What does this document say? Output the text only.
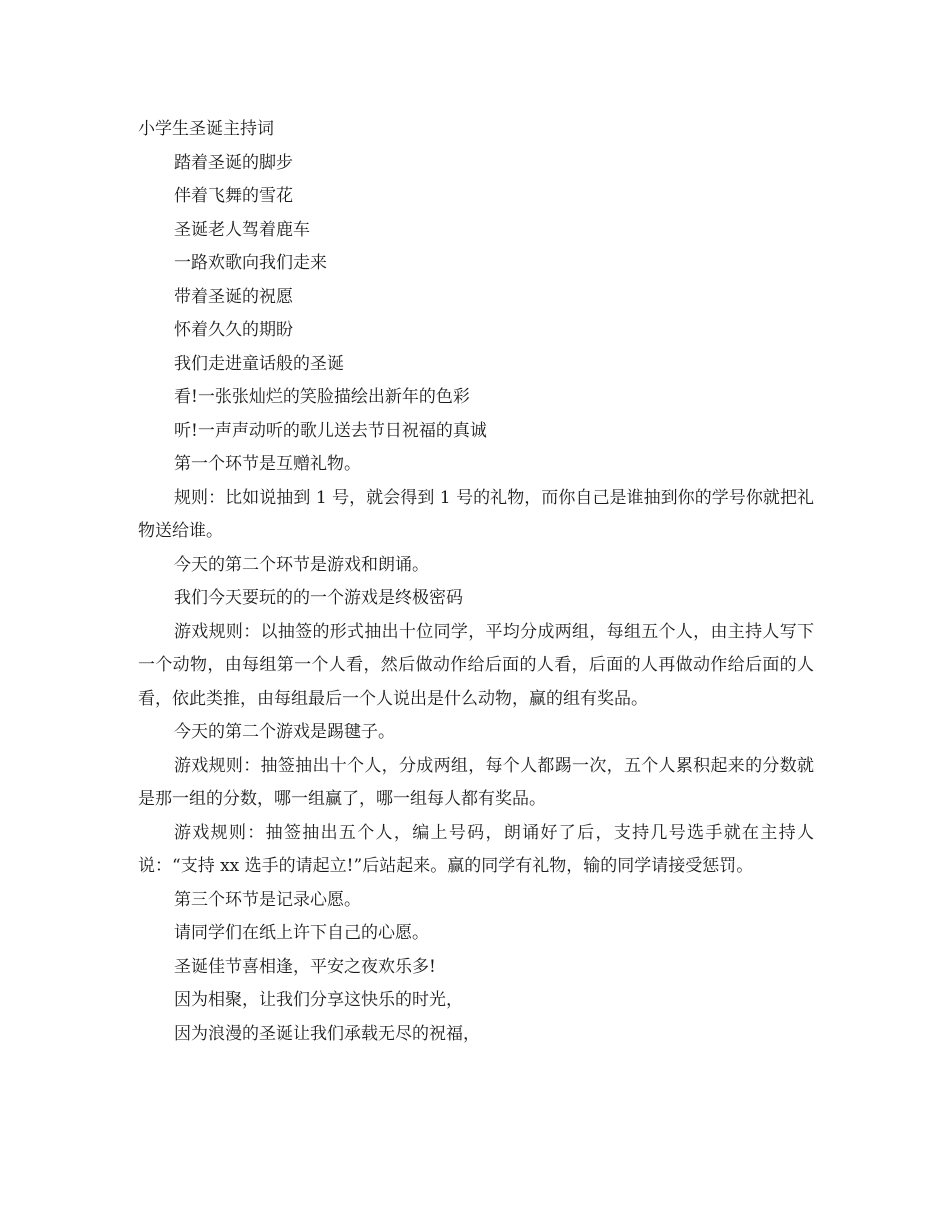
小学生圣诞主持词

踏着圣诞的脚步

伴着飞舞的雪花

圣诞老人驾着鹿车

一路欢歌向我们走来

带着圣诞的祝愿

怀着久久的期盼

我们走进童话般的圣诞

看!一张张灿烂的笑脸描绘出新年的色彩

听!一声声动听的歌儿送去节日祝福的真诚

第一个环节是互赠礼物。

规则：比如说抽到 1 号，就会得到 1 号的礼物，而你自己是谁抽到你的学号你就把礼物送给谁。

今天的第二个环节是游戏和朗诵。

我们今天要玩的的一个游戏是终极密码

游戏规则：以抽签的形式抽出十位同学，平均分成两组，每组五个人，由主持人写下一个动物，由每组第一个人看，然后做动作给后面的人看，后面的人再做动作给后面的人看，依此类推，由每组最后一个人说出是什么动物，赢的组有奖品。

今天的第二个游戏是踢毽子。

游戏规则：抽签抽出十个人，分成两组，每个人都踢一次，五个人累积起来的分数就是那一组的分数，哪一组赢了，哪一组每人都有奖品。

游戏规则：抽签抽出五个人，编上号码，朗诵好了后，支持几号选手就在主持人说：“支持 xx 选手的请起立!”后站起来。赢的同学有礼物，输的同学请接受惩罚。

第三个环节是记录心愿。

请同学们在纸上许下自己的心愿。

圣诞佳节喜相逢，平安之夜欢乐多!

因为相聚，让我们分享这快乐的时光，

因为浪漫的圣诞让我们承载无尽的祝福，
